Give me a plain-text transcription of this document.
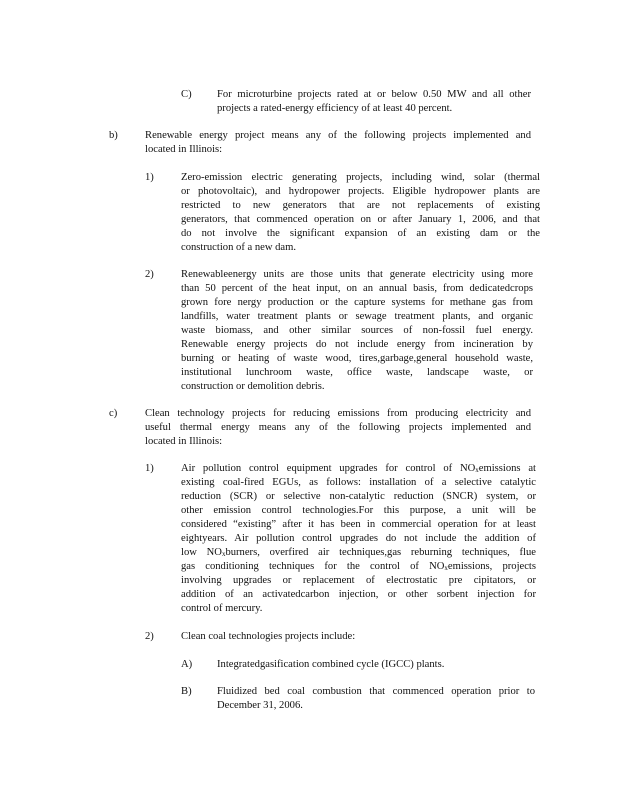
C) For microturbine projects rated at or below 0.50 MW and all other
projects a rated-energy efficiency of at least 40 percent.
b)	Renewable energy project means any of the following projects implemented and
located in Illinois:
1)	Zero-emission electric generating projects, including wind, solar (thermal
or photovoltaic), and hydropower projects. Eligible hydropower plants are
restricted to new generators that are not replacements of existing
generators, that commenced operation on or after January 1, 2006, and that
do not involve the significant expansion of an existing dam or the
construction of a new dam.
2)	Renewableenergy units are those units that generate electricity using more
than 50 percent of the heat input, on an annual basis, from dedicatedcrops
grown fore nergy production or the capture systems for methane gas from
landfills, water treatment plants or sewage treatment plants, and organic
waste biomass, and other similar sources of non-fossil fuel energy.
Renewable energy projects do not include energy from incineration by
burning or heating of waste wood, tires,garbage,general household waste,
institutional lunchroom waste, office waste, landscape waste, or
construction or demolition debris.
c)	Clean technology projects for reducing emissions from producing electricity and
useful thermal energy means any of the following projects implemented and
located in Illinois:
1)	Air pollution control equipment upgrades for control of $NO_xemissions$ at
existing coal-fired EGUs, as follows: installation of a selective catalytic
reduction (SCR) or selective non-catalytic reduction (SNCR) system, or
other emission control technologies.For this purpose, a unit will be
considered “existing” after it has been in commercial operation for at least
eightyears. Air pollution control upgrades do not include the addition of
low $NO_xburners$, overfired air techniques,gas reburning techniques, flue
gas conditioning techniques for the control of $NO_xemissions$, projects
involving upgrades or replacement of electrostatic pre cipitators, or
addition of an activatedcarbon injection, or other sorbent injection for
control of mercury.
2)	Clean coal technologies projects include:
A) Integratedgasification combined cycle (IGCC) plants.
B) Fluidized bed coal combustion that commenced operation prior to
December 31, 2006.
